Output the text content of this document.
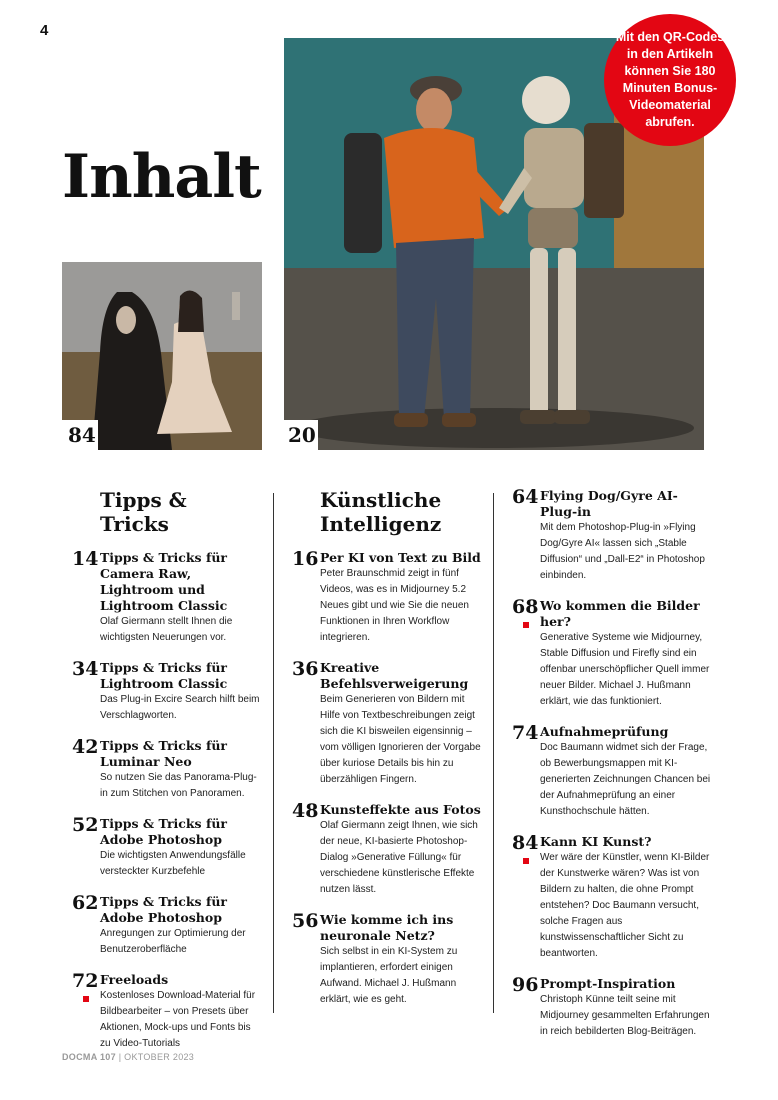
4
20
Inhalt
84
Mit den QR-Codes in den Artikeln können Sie 180 Minuten Bonus-Videomaterial abrufen.
Tipps & Tricks
14 Tipps & Tricks für Camera Raw, Lightroom und Lightroom Classic
Olaf Giermann stellt Ihnen die wichtigsten Neuerungen vor.
34 Tipps & Tricks für Lightroom Classic
Das Plug-in Excire Search hilft beim Verschlagworten.
42 Tipps & Tricks für Luminar Neo
So nutzen Sie das Panorama-Plug-in zum Stitchen von Panoramen.
52 Tipps & Tricks für Adobe Photoshop
Die wichtigsten Anwendungsfälle versteckter Kurzbefehle
62 Tipps & Tricks für Adobe Photoshop
Anregungen zur Optimierung der Benutzeroberfläche
72 Freeloads
Kostenloses Download-Material für Bildbearbeiter – von Presets über Aktionen, Mock-ups und Fonts bis zu Video-Tutorials
Künstliche Intelligenz
16 Per KI von Text zu Bild
Peter Braunschmid zeigt in fünf Videos, was es in Midjourney 5.2 Neues gibt und wie Sie die neuen Funktionen in Ihren Workflow integrieren.
36 Kreative Befehlsverweigerung
Beim Generieren von Bildern mit Hilfe von Textbeschreibungen zeigt sich die KI bisweilen eigensinnig – vom völligen Ignorieren der Vorgabe über kuriose Details bis hin zu überzähligen Fingern.
48 Kunsteffekte aus Fotos
Olaf Giermann zeigt Ihnen, wie sich der neue, KI-basierte Photoshop-Dialog »Generative Füllung« für verschiedene künstlerische Effekte nutzen lässt.
56 Wie komme ich ins neuronale Netz?
Sich selbst in ein KI-System zu implantieren, erfordert einigen Aufwand. Michael J. Hußmann erklärt, wie es geht.
64 Flying Dog/Gyre AI-Plug-in
Mit dem Photoshop-Plug-in »Flying Dog/Gyre AI« lassen sich „Stable Diffusion“ und „Dall-E2“ in Photoshop einbinden.
68 Wo kommen die Bilder her?
Generative Systeme wie Midjourney, Stable Diffusion und Firefly sind ein offenbar unerschöpflicher Quell immer neuer Bilder. Michael J. Hußmann erklärt, wie das funktioniert.
74 Aufnahmeprüfung
Doc Baumann widmet sich der Frage, ob Bewerbungsmappen mit KI-generierten Zeichnungen Chancen bei der Aufnahmeprüfung an einer Kunsthochschule hätten.
84 Kann KI Kunst?
Wer wäre der Künstler, wenn KI-Bilder der Kunstwerke wären? Was ist von Bildern zu halten, die ohne Prompt entstehen? Doc Baumann versucht, solche Fragen aus kunstwissenschaftlicher Sicht zu beantworten.
96 Prompt-Inspiration
Christoph Künne teilt seine mit Midjourney gesammelten Erfahrungen in reich bebilderten Blog-Beiträgen.
DOCMA 107 | OKTOBER 2023
